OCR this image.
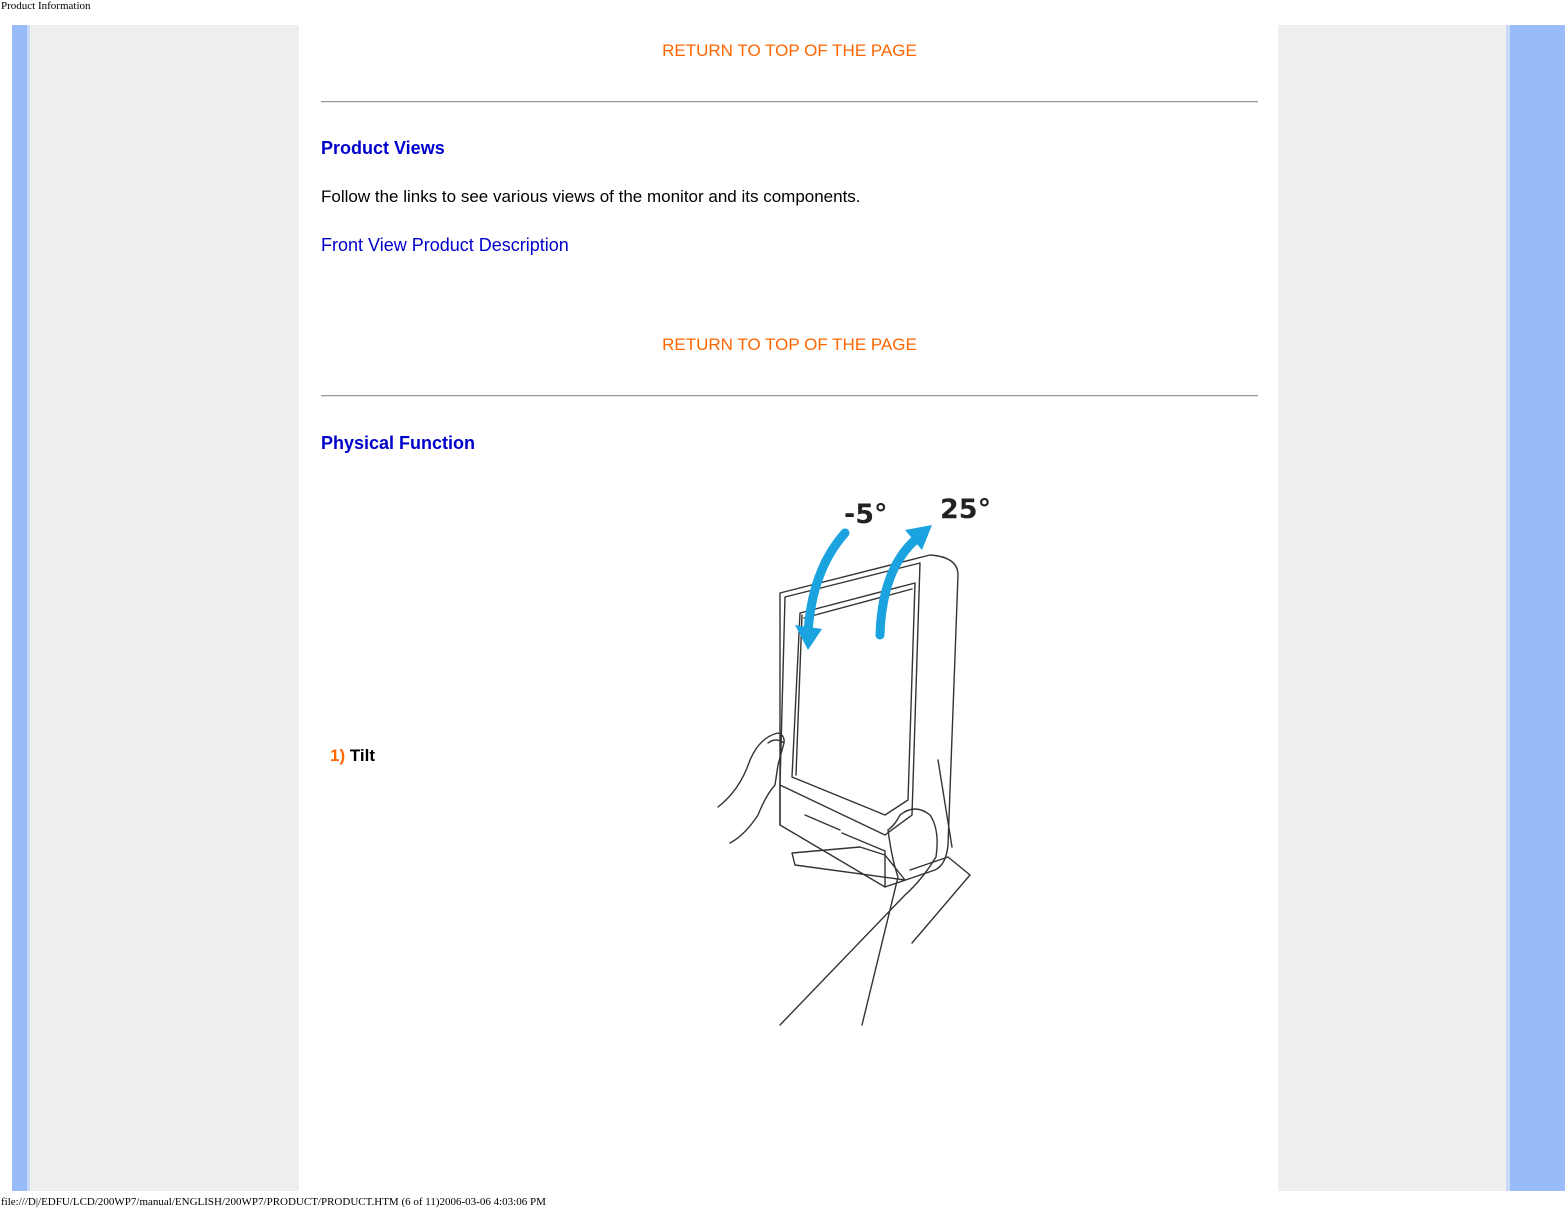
Product Information
RETURN TO TOP OF THE PAGE
Product Views
Follow the links to see various views of the monitor and its components.
Front View Product Description
RETURN TO TOP OF THE PAGE
Physical Function
1) Tilt
-5° 25°
file:///D|/EDFU/LCD/200WP7/manual/ENGLISH/200WP7/PRODUCT/PRODUCT.HTM (6 of 11)2006-03-06 4:03:06 PM
